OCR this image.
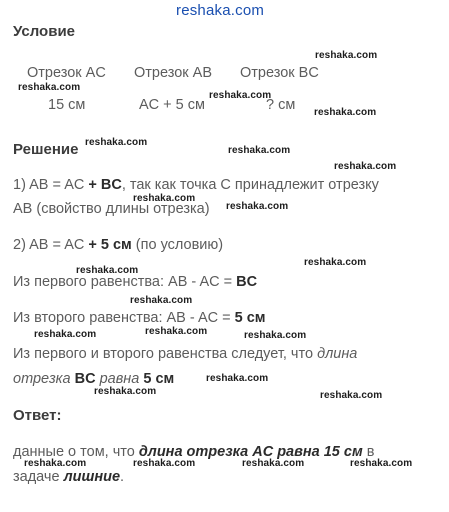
reshaka.com
Условие
Отрезок AC Отрезок AB Отрезок BC
15 см	AC + 5 см	? см
Решение
1) AB = AC + BC, так как точка C принадлежит отрезку
AB (свойство длины отрезка)
2) AB = AC + 5 см (по условию)
Из первого равенства: AB - AC = BC
Из второго равенства: AB - AC = 5 см
Из первого и второго равенства следует, что длина
отрезка BC равна 5 см
Ответ:
данные о том, что длина отрезка AC равна 15 см в
задаче лишние.
reshaka.com
reshaka.com
reshaka.com
reshaka.com
reshaka.com
reshaka.com
reshaka.com
reshaka.com
reshaka.com
reshaka.com
reshaka.com
reshaka.com
reshaka.com
reshaka.com	reshaka.com
reshaka.com
reshaka.com	reshaka.com
reshaka.com	reshaka.com	reshaka.com	reshaka.com
